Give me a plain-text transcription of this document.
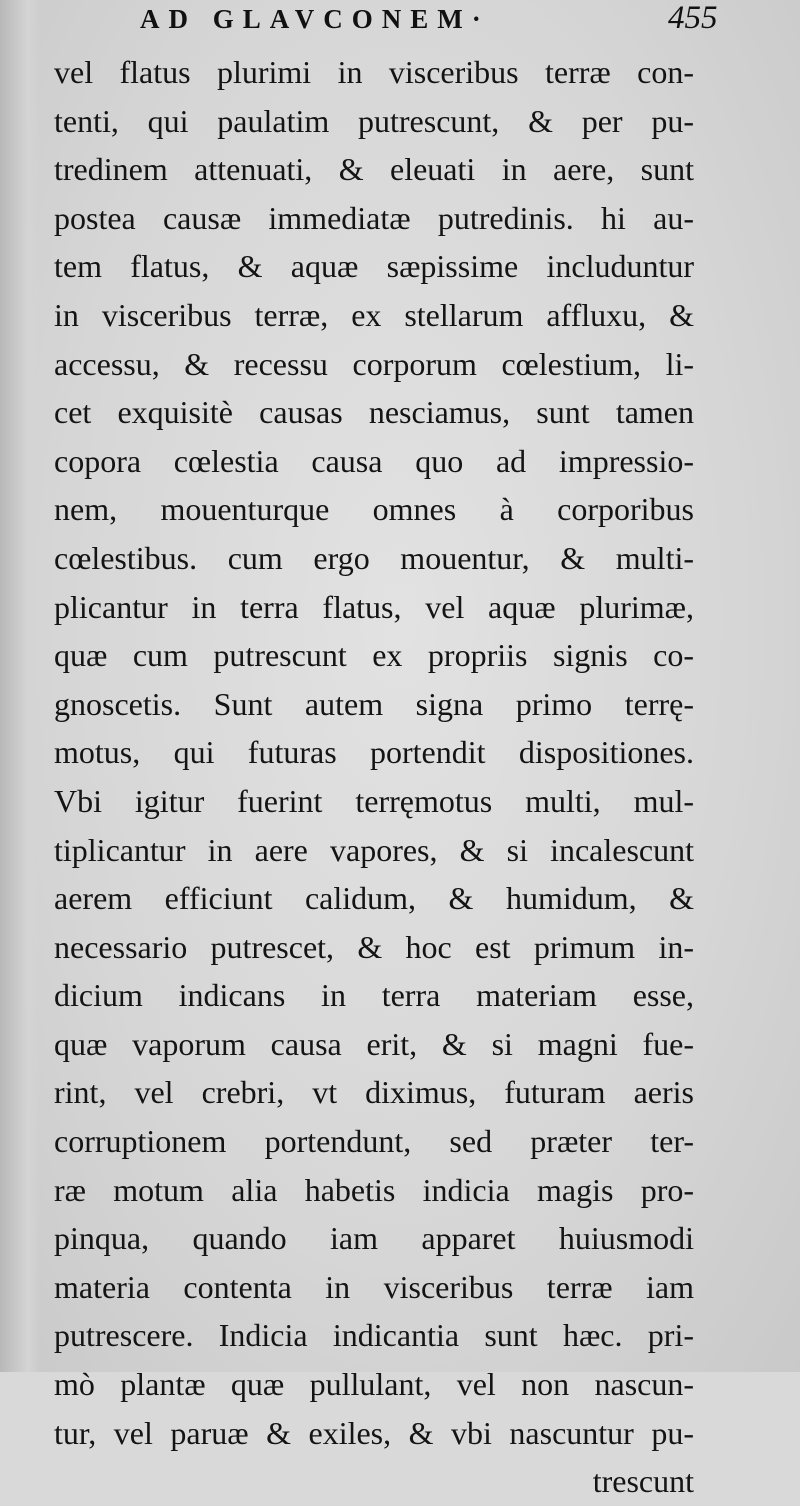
AD GLAVCONEM·	455
vel flatus plurimi in visceribus terræ con-
tenti, qui paulatim putrescunt, & per pu-
tredinem attenuati, & eleuati in aere, sunt
postea causæ immediatæ putredinis. hi au-
tem flatus, & aquæ sæpissime includuntur
in visceribus terræ, ex stellarum affluxu, &
accessu, & recessu corporum cœlestium, li-
cet exquisitè causas nesciamus, sunt tamen
copora cœlestia causa quo ad impressio-
nem, mouenturque omnes à corporibus
cœlestibus. cum ergo mouentur, & multi-
plicantur in terra flatus, vel aquæ plurimæ,
quæ cum putrescunt ex propriis signis co-
gnoscetis. Sunt autem signa primo terrę-
motus, qui futuras portendit dispositiones.
Vbi igitur fuerint terręmotus multi, mul-
tiplicantur in aere vapores, & si incalescunt
aerem efficiunt calidum, & humidum, &
necessario putrescet, & hoc est primum in-
dicium indicans in terra materiam esse,
quæ vaporum causa erit, & si magni fue-
rint, vel crebri, vt diximus, futuram aeris
corruptionem portendunt, sed præter ter-
ræ motum alia habetis indicia magis pro-
pinqua, quando iam apparet huiusmodi
materia contenta in visceribus terræ iam
putrescere. Indicia indicantia sunt hæc. pri-
mò plantæ quæ pullulant, vel non nascun-
tur, vel paruæ & exiles, & vbi nascuntur pu-
trescunt
